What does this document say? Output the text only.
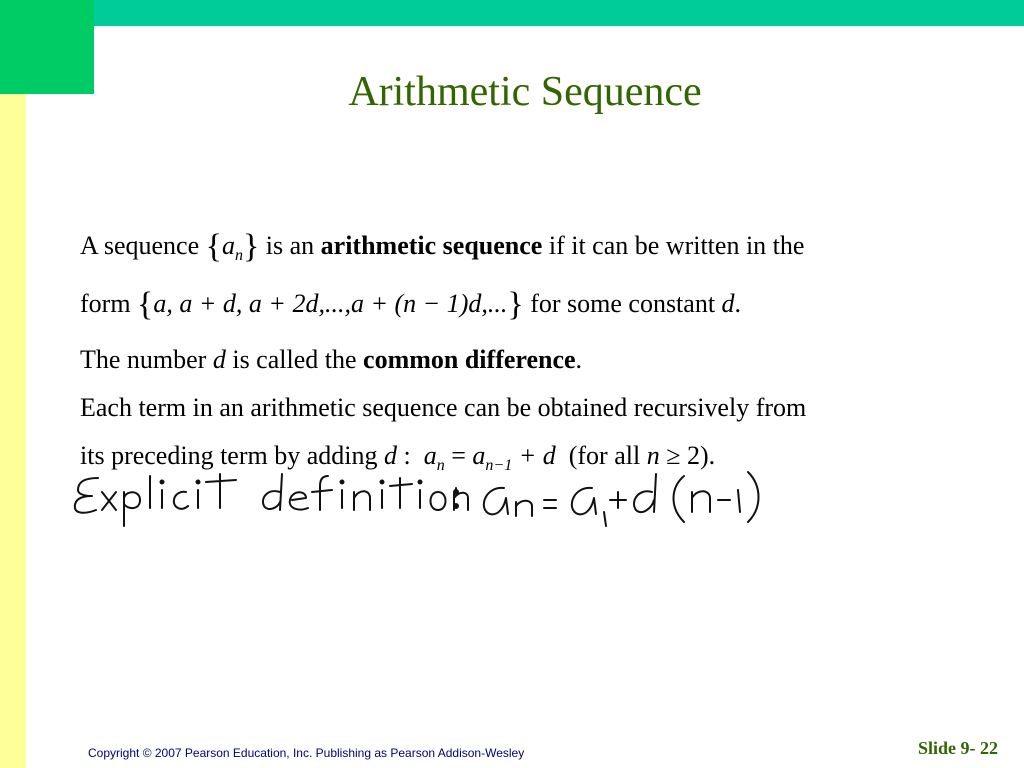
Arithmetic Sequence
A sequence $\{a_n\}$ is an arithmetic sequence if it can be written in the
form {a, a + d, a + 2d,...,a + (n − 1)d,...} for some constant d.
The number d is called the common difference.
Each term in an arithmetic sequence can be obtained recursively from
its preceding term by adding d : $a_n = a_{n-1} + d$ (for all n ≥ 2).
Copyright © 2007 Pearson Education, Inc. Publishing as Pearson Addison-Wesley	Slide 9- 22
